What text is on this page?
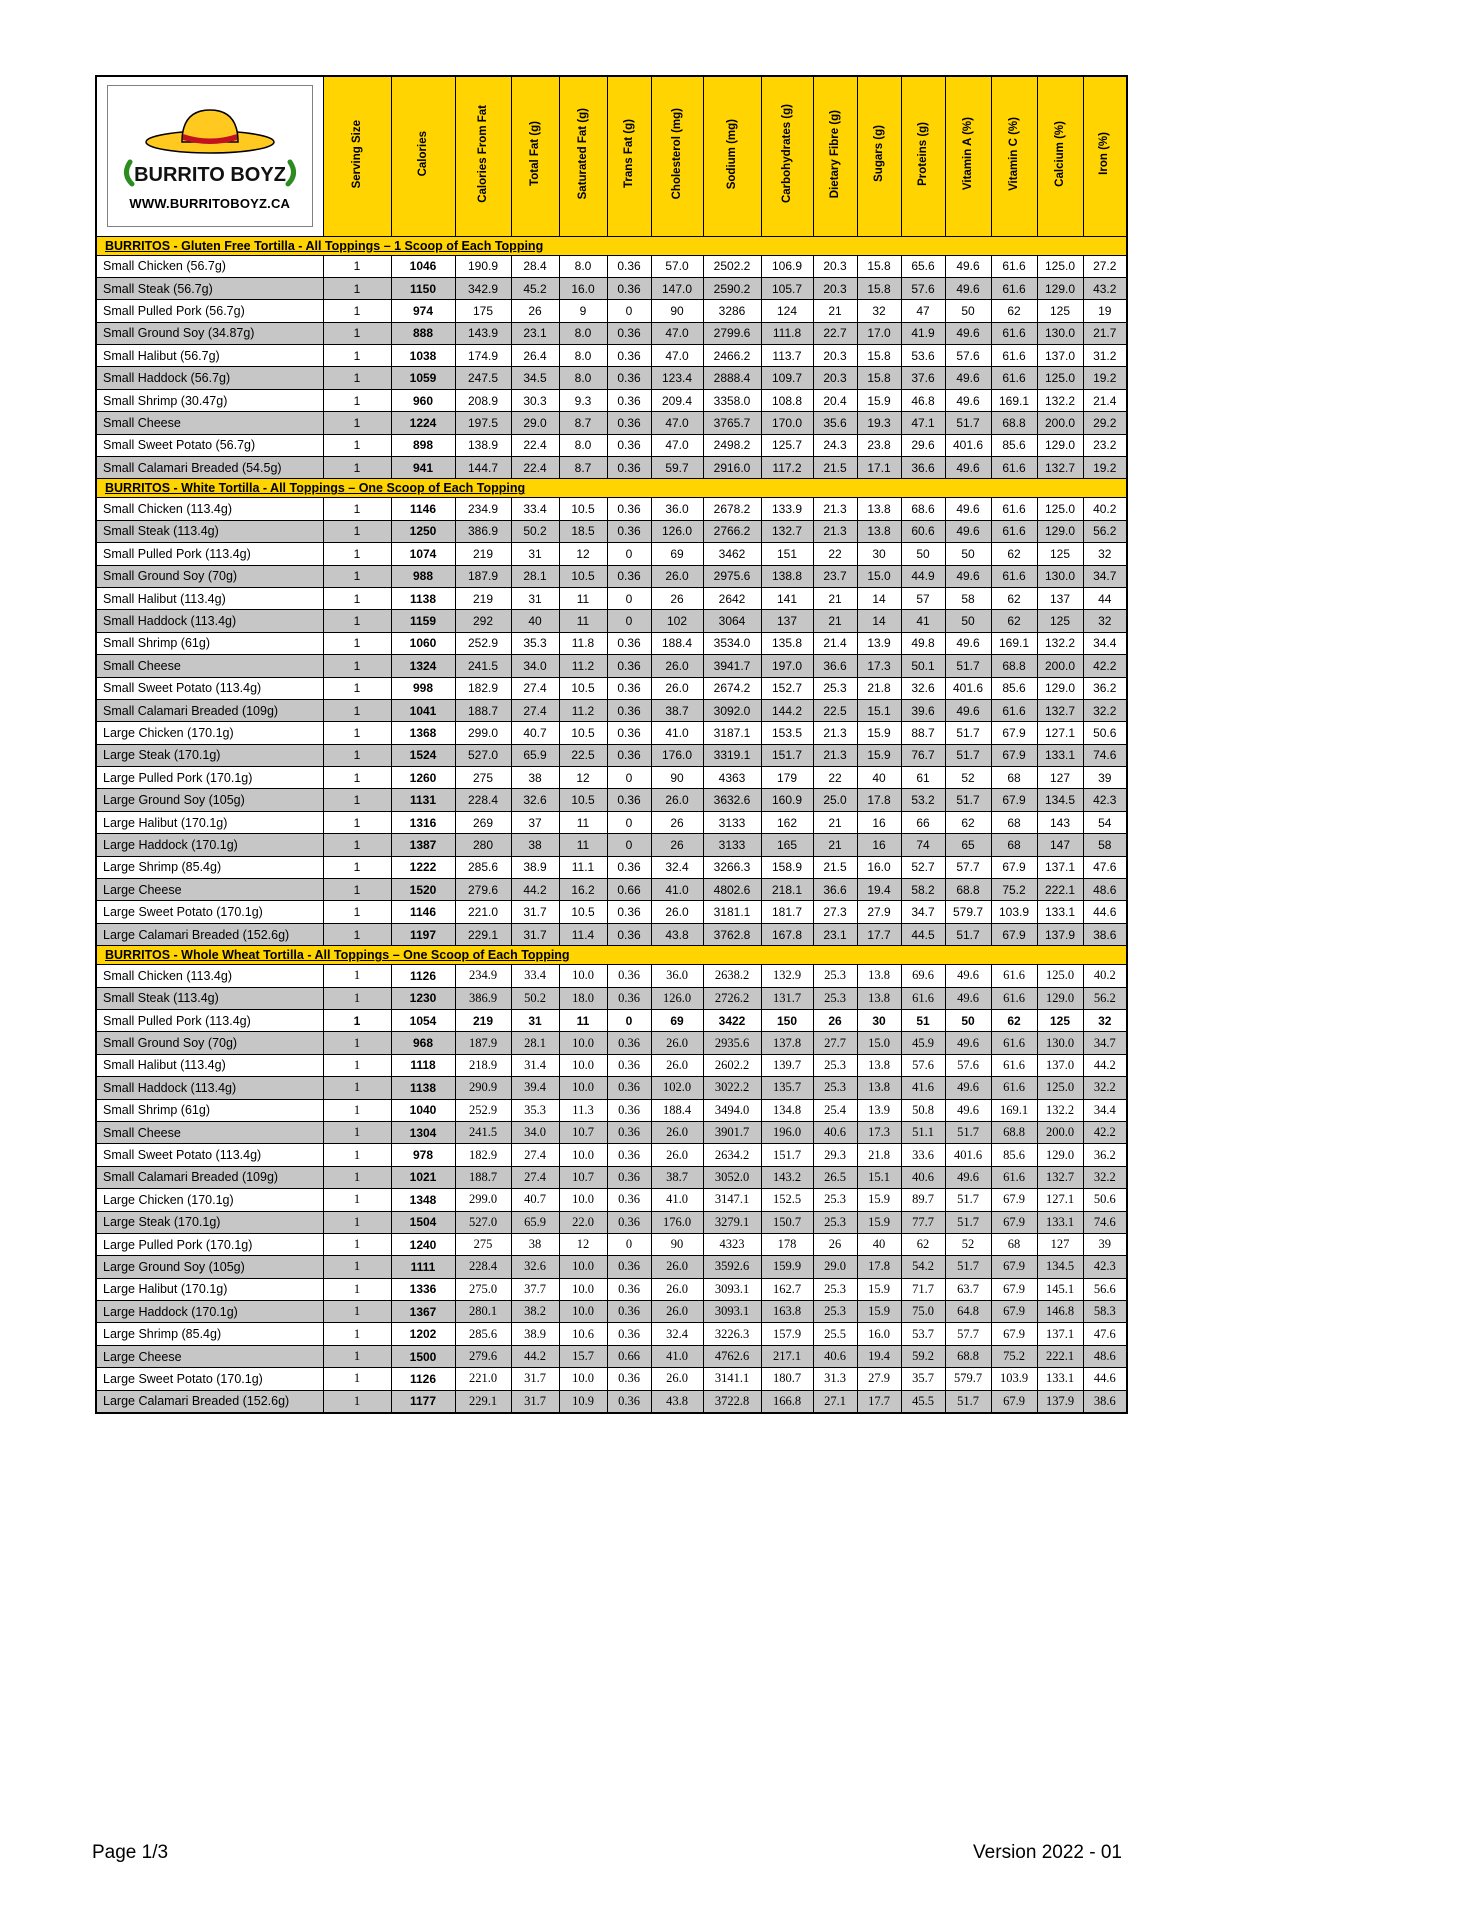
BURRITO BOYZ
WWW.BURRITOBOYZ.CA	Serving Size	Calories	Calories From Fat	Total Fat (g)	Saturated Fat (g)	Trans Fat (g)	Cholesterol (mg)	Sodium (mg)	Carbohydrates (g)	Dietary Fibre (g)	Sugars (g)	Proteins (g)	Vitamin A (%)	Vitamin C (%)	Calcium (%)	Iron (%)
BURRITOS - Gluten Free Tortilla - All Toppings – 1 Scoop of Each Topping																
Small Chicken (56.7g)	1	1046	190.9	28.4	8.0	0.36	57.0	2502.2	106.9	20.3	15.8	65.6	49.6	61.6	125.0	27.2
Small Steak (56.7g)	1	1150	342.9	45.2	16.0	0.36	147.0	2590.2	105.7	20.3	15.8	57.6	49.6	61.6	129.0	43.2
Small Pulled Pork (56.7g)	1	974	175	26	9	0	90	3286	124	21	32	47	50	62	125	19
Small Ground Soy (34.87g)	1	888	143.9	23.1	8.0	0.36	47.0	2799.6	111.8	22.7	17.0	41.9	49.6	61.6	130.0	21.7
Small Halibut (56.7g)	1	1038	174.9	26.4	8.0	0.36	47.0	2466.2	113.7	20.3	15.8	53.6	57.6	61.6	137.0	31.2
Small Haddock (56.7g)	1	1059	247.5	34.5	8.0	0.36	123.4	2888.4	109.7	20.3	15.8	37.6	49.6	61.6	125.0	19.2
Small Shrimp (30.47g)	1	960	208.9	30.3	9.3	0.36	209.4	3358.0	108.8	20.4	15.9	46.8	49.6	169.1	132.2	21.4
Small Cheese	1	1224	197.5	29.0	8.7	0.36	47.0	3765.7	170.0	35.6	19.3	47.1	51.7	68.8	200.0	29.2
Small Sweet Potato (56.7g)	1	898	138.9	22.4	8.0	0.36	47.0	2498.2	125.7	24.3	23.8	29.6	401.6	85.6	129.0	23.2
Small Calamari Breaded (54.5g)	1	941	144.7	22.4	8.7	0.36	59.7	2916.0	117.2	21.5	17.1	36.6	49.6	61.6	132.7	19.2
BURRITOS - White Tortilla - All Toppings – One Scoop of Each Topping																
Small Chicken (113.4g)	1	1146	234.9	33.4	10.5	0.36	36.0	2678.2	133.9	21.3	13.8	68.6	49.6	61.6	125.0	40.2
Small Steak (113.4g)	1	1250	386.9	50.2	18.5	0.36	126.0	2766.2	132.7	21.3	13.8	60.6	49.6	61.6	129.0	56.2
Small Pulled Pork (113.4g)	1	1074	219	31	12	0	69	3462	151	22	30	50	50	62	125	32
Small Ground Soy (70g)	1	988	187.9	28.1	10.5	0.36	26.0	2975.6	138.8	23.7	15.0	44.9	49.6	61.6	130.0	34.7
Small Halibut (113.4g)	1	1138	219	31	11	0	26	2642	141	21	14	57	58	62	137	44
Small Haddock (113.4g)	1	1159	292	40	11	0	102	3064	137	21	14	41	50	62	125	32
Small Shrimp (61g)	1	1060	252.9	35.3	11.8	0.36	188.4	3534.0	135.8	21.4	13.9	49.8	49.6	169.1	132.2	34.4
Small Cheese	1	1324	241.5	34.0	11.2	0.36	26.0	3941.7	197.0	36.6	17.3	50.1	51.7	68.8	200.0	42.2
Small Sweet Potato (113.4g)	1	998	182.9	27.4	10.5	0.36	26.0	2674.2	152.7	25.3	21.8	32.6	401.6	85.6	129.0	36.2
Small Calamari Breaded (109g)	1	1041	188.7	27.4	11.2	0.36	38.7	3092.0	144.2	22.5	15.1	39.6	49.6	61.6	132.7	32.2
Large Chicken (170.1g)	1	1368	299.0	40.7	10.5	0.36	41.0	3187.1	153.5	21.3	15.9	88.7	51.7	67.9	127.1	50.6
Large Steak (170.1g)	1	1524	527.0	65.9	22.5	0.36	176.0	3319.1	151.7	21.3	15.9	76.7	51.7	67.9	133.1	74.6
Large Pulled Pork (170.1g)	1	1260	275	38	12	0	90	4363	179	22	40	61	52	68	127	39
Large Ground Soy (105g)	1	1131	228.4	32.6	10.5	0.36	26.0	3632.6	160.9	25.0	17.8	53.2	51.7	67.9	134.5	42.3
Large Halibut (170.1g)	1	1316	269	37	11	0	26	3133	162	21	16	66	62	68	143	54
Large Haddock (170.1g)	1	1387	280	38	11	0	26	3133	165	21	16	74	65	68	147	58
Large Shrimp (85.4g)	1	1222	285.6	38.9	11.1	0.36	32.4	3266.3	158.9	21.5	16.0	52.7	57.7	67.9	137.1	47.6
Large Cheese	1	1520	279.6	44.2	16.2	0.66	41.0	4802.6	218.1	36.6	19.4	58.2	68.8	75.2	222.1	48.6
Large Sweet Potato (170.1g)	1	1146	221.0	31.7	10.5	0.36	26.0	3181.1	181.7	27.3	27.9	34.7	579.7	103.9	133.1	44.6
Large Calamari Breaded (152.6g)	1	1197	229.1	31.7	11.4	0.36	43.8	3762.8	167.8	23.1	17.7	44.5	51.7	67.9	137.9	38.6
BURRITOS - Whole Wheat Tortilla - All Toppings – One Scoop of Each Topping																
Small Chicken (113.4g)	1	1126	234.9	33.4	10.0	0.36	36.0	2638.2	132.9	25.3	13.8	69.6	49.6	61.6	125.0	40.2
Small Steak (113.4g)	1	1230	386.9	50.2	18.0	0.36	126.0	2726.2	131.7	25.3	13.8	61.6	49.6	61.6	129.0	56.2
Small Pulled Pork (113.4g)	1	1054	219	31	11	0	69	3422	150	26	30	51	50	62	125	32
Small Ground Soy (70g)	1	968	187.9	28.1	10.0	0.36	26.0	2935.6	137.8	27.7	15.0	45.9	49.6	61.6	130.0	34.7
Small Halibut (113.4g)	1	1118	218.9	31.4	10.0	0.36	26.0	2602.2	139.7	25.3	13.8	57.6	57.6	61.6	137.0	44.2
Small Haddock (113.4g)	1	1138	290.9	39.4	10.0	0.36	102.0	3022.2	135.7	25.3	13.8	41.6	49.6	61.6	125.0	32.2
Small Shrimp (61g)	1	1040	252.9	35.3	11.3	0.36	188.4	3494.0	134.8	25.4	13.9	50.8	49.6	169.1	132.2	34.4
Small Cheese	1	1304	241.5	34.0	10.7	0.36	26.0	3901.7	196.0	40.6	17.3	51.1	51.7	68.8	200.0	42.2
Small Sweet Potato (113.4g)	1	978	182.9	27.4	10.0	0.36	26.0	2634.2	151.7	29.3	21.8	33.6	401.6	85.6	129.0	36.2
Small Calamari Breaded (109g)	1	1021	188.7	27.4	10.7	0.36	38.7	3052.0	143.2	26.5	15.1	40.6	49.6	61.6	132.7	32.2
Large Chicken (170.1g)	1	1348	299.0	40.7	10.0	0.36	41.0	3147.1	152.5	25.3	15.9	89.7	51.7	67.9	127.1	50.6
Large Steak (170.1g)	1	1504	527.0	65.9	22.0	0.36	176.0	3279.1	150.7	25.3	15.9	77.7	51.7	67.9	133.1	74.6
Large Pulled Pork (170.1g)	1	1240	275	38	12	0	90	4323	178	26	40	62	52	68	127	39
Large Ground Soy (105g)	1	1111	228.4	32.6	10.0	0.36	26.0	3592.6	159.9	29.0	17.8	54.2	51.7	67.9	134.5	42.3
Large Halibut (170.1g)	1	1336	275.0	37.7	10.0	0.36	26.0	3093.1	162.7	25.3	15.9	71.7	63.7	67.9	145.1	56.6
Large Haddock (170.1g)	1	1367	280.1	38.2	10.0	0.36	26.0	3093.1	163.8	25.3	15.9	75.0	64.8	67.9	146.8	58.3
Large Shrimp (85.4g)	1	1202	285.6	38.9	10.6	0.36	32.4	3226.3	157.9	25.5	16.0	53.7	57.7	67.9	137.1	47.6
Large Cheese	1	1500	279.6	44.2	15.7	0.66	41.0	4762.6	217.1	40.6	19.4	59.2	68.8	75.2	222.1	48.6
Large Sweet Potato (170.1g)	1	1126	221.0	31.7	10.0	0.36	26.0	3141.1	180.7	31.3	27.9	35.7	579.7	103.9	133.1	44.6
Large Calamari Breaded (152.6g)	1	1177	229.1	31.7	10.9	0.36	43.8	3722.8	166.8	27.1	17.7	45.5	51.7	67.9	137.9	38.6
Page 1/3	Version 2022 - 01
